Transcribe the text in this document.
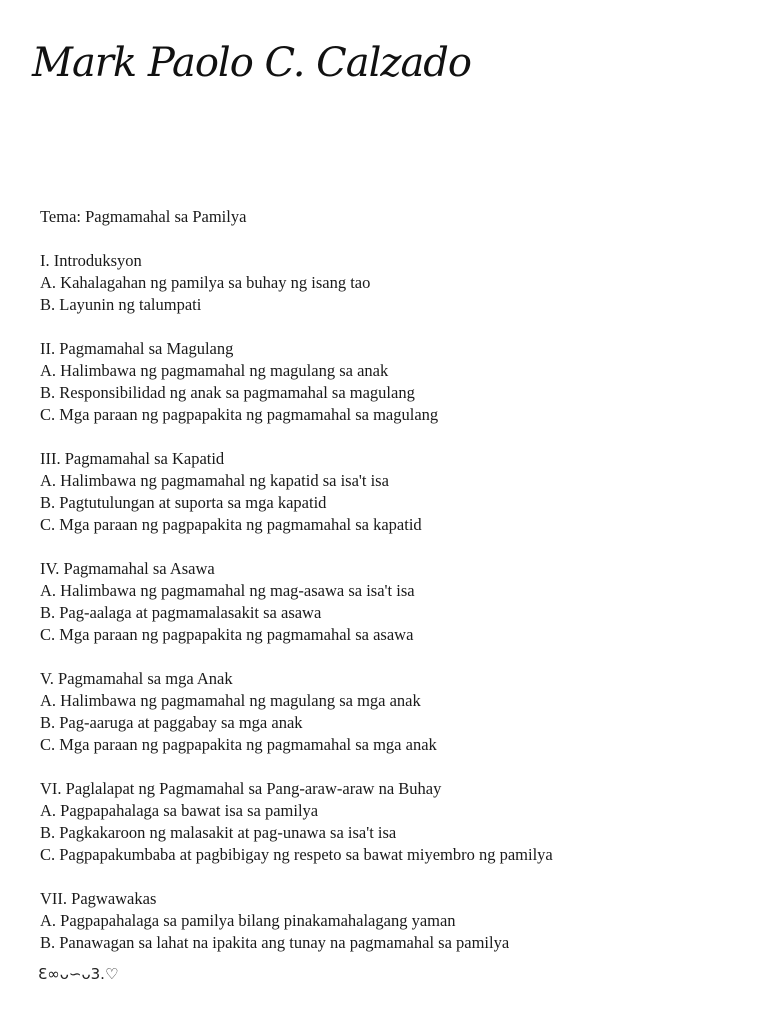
Mark Paolo C. Calzado
Tema: Pagmamahal sa Pamilya
I. Introduksyon
A. Kahalagahan ng pamilya sa buhay ng isang tao
B. Layunin ng talumpati
II. Pagmamahal sa Magulang
A. Halimbawa ng pagmamahal ng magulang sa anak
B. Responsibilidad ng anak sa pagmamahal sa magulang
C. Mga paraan ng pagpapakita ng pagmamahal sa magulang
III. Pagmamahal sa Kapatid
A. Halimbawa ng pagmamahal ng kapatid sa isa't isa
B. Pagtutulungan at suporta sa mga kapatid
C. Mga paraan ng pagpapakita ng pagmamahal sa kapatid
IV. Pagmamahal sa Asawa
A. Halimbawa ng pagmamahal ng mag-asawa sa isa't isa
B. Pag-aalaga at pagmamalasakit sa asawa
C. Mga paraan ng pagpapakita ng pagmamahal sa asawa
V. Pagmamahal sa mga Anak
A. Halimbawa ng pagmamahal ng magulang sa mga anak
B. Pag-aaruga at paggabay sa mga anak
C. Mga paraan ng pagpapakita ng pagmamahal sa mga anak
VI. Paglalapat ng Pagmamahal sa Pang-araw-araw na Buhay
A. Pagpapahalaga sa bawat isa sa pamilya
B. Pagkakaroon ng malasakit at pag-unawa sa isa't isa
C. Pagpapakumbaba at pagbibigay ng respeto sa bawat miyembro ng pamilya
VII. Pagwawakas
A. Pagpapahalaga sa pamilya bilang pinakamahalagang yaman
B. Panawagan sa lahat na ipakita ang tunay na pagmamahal sa pamilya
Ɛ∞ᴗ∽ᴗ3.♡
